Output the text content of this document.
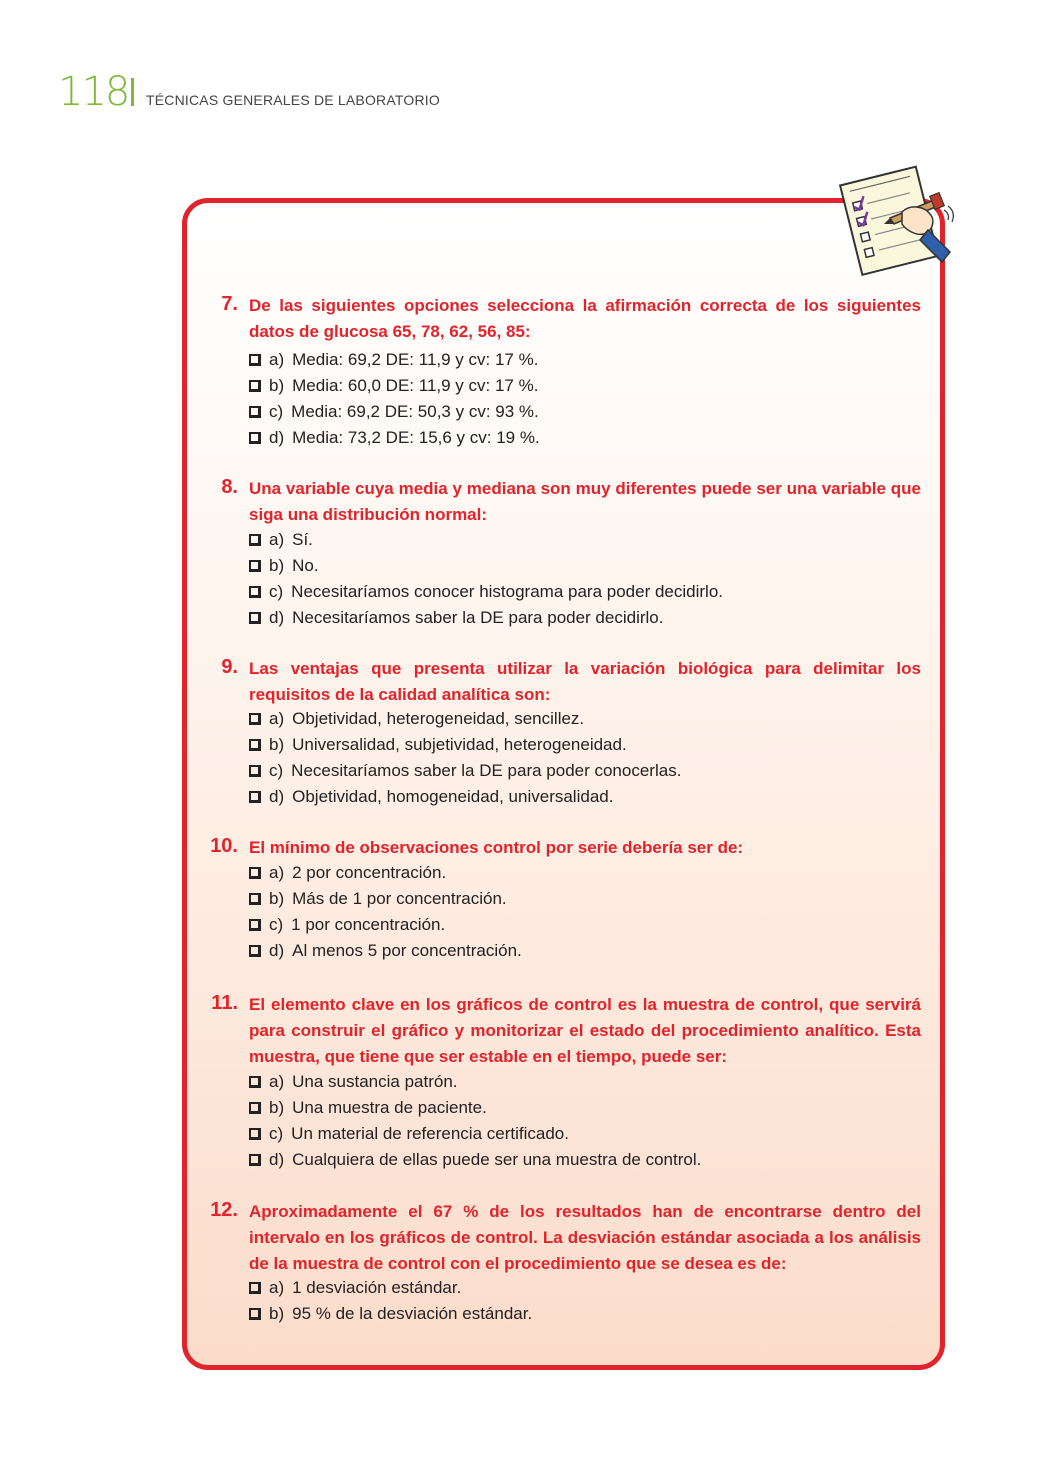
118 TÉCNICAS GENERALES DE LABORATORIO
7. De las siguientes opciones selecciona la afirmación correcta de los siguientes datos de glucosa 65, 78, 62, 56, 85:

a) Media: 69,2 DE: 11,9 y cv: 17 %.
b) Media: 60,0 DE: 11,9 y cv: 17 %.
c) Media: 69,2 DE: 50,3 y cv: 93 %.
d) Media: 73,2 DE: 15,6 y cv: 19 %.
8. Una variable cuya media y mediana son muy diferentes puede ser una variable que siga una distribución normal:

a) Sí.
b) No.
c) Necesitaríamos conocer histograma para poder decidirlo.
d) Necesitaríamos saber la DE para poder decidirlo.
9. Las ventajas que presenta utilizar la variación biológica para delimitar los requisitos de la calidad analítica son:

a) Objetividad, heterogeneidad, sencillez.
b) Universalidad, subjetividad, heterogeneidad.
c) Necesitaríamos saber la DE para poder conocerlas.
d) Objetividad, homogeneidad, universalidad.
10. El mínimo de observaciones control por serie debería ser de:

a) 2 por concentración.
b) Más de 1 por concentración.
c) 1 por concentración.
d) Al menos 5 por concentración.
11. El elemento clave en los gráficos de control es la muestra de control, que servirá para construir el gráfico y monitorizar el estado del procedimiento analítico. Esta muestra, que tiene que ser estable en el tiempo, puede ser:

a) Una sustancia patrón.
b) Una muestra de paciente.
c) Un material de referencia certificado.
d) Cualquiera de ellas puede ser una muestra de control.
12. Aproximadamente el 67 % de los resultados han de encontrarse dentro del intervalo en los gráficos de control. La desviación estándar asociada a los análisis de la muestra de control con el procedimiento que se desea es de:

a) 1 desviación estándar.
b) 95 % de la desviación estándar.
